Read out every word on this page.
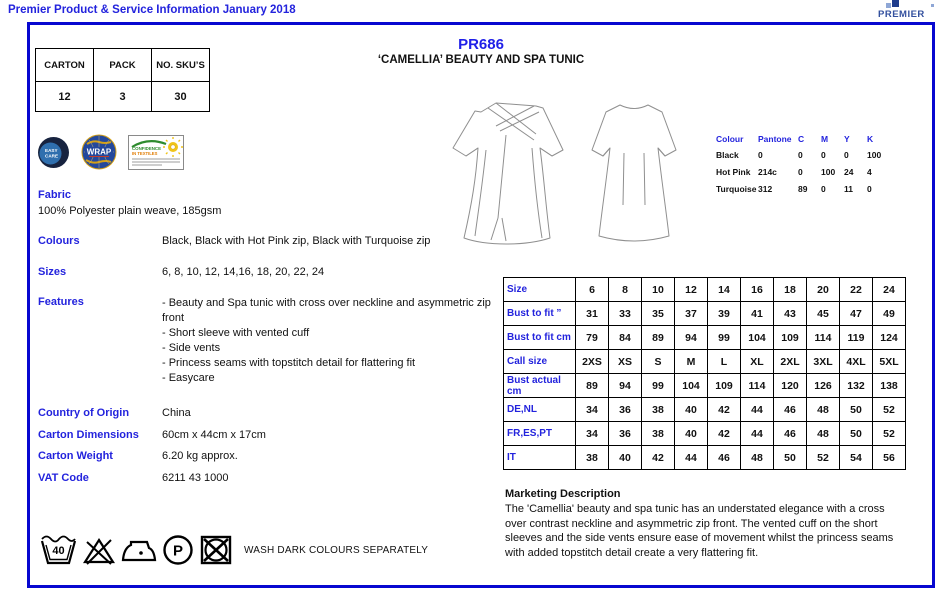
Premier Product & Service Information January 2018	PREMIER
PR686
‘CAMELLIA’ BEAUTY AND SPA TUNIC
CARTON	PACK	NO. SKU’S
12	3	30
EASY
CARE	WRAP	CONFIDENCE
IN TEXTILES
Fabric
100% Polyester plain weave, 185gsm
Colours	Black, Black with Hot Pink zip, Black with Turquoise zip
Sizes	6, 8, 10, 12, 14,16, 18, 20, 22, 24
Features	- Beauty and Spa tunic with cross over neckline and asymmetric zip front
- Short sleeve with vented cuff
- Side vents
- Princess seams with topstitch detail for flattering fit
- Easycare
Country of Origin	China
Carton Dimensions 60cm x 44cm x 17cm
Carton Weight	6.20 kg approx.
VAT Code	6211 43 1000
Colour	Pantone	C	M	Y	K
Black	0	0	0	0	100
Hot Pink	214c	0	100	24	4
Turquoise	312	89	0	11	0
Size	6	8	10	12	14	16	18	20	22	24
Bust to fit ”	31	33	35	37	39	41	43	45	47	49
Bust to fit cm	79	84	89	94	99	104	109	114	119	124
Call size	2XS	XS	S	M	L	XL	2XL	3XL	4XL	5XL
Bust actual cm	89	94	99	104	109	114	120	126	132	138
DE,NL	34	36	38	40	42	44	46	48	50	52
FR,ES,PT	34	36	38	40	42	44	46	48	50	52
IT	38	40	42	44	46	48	50	52	54	56
Marketing Description
The 'Camellia' beauty and spa tunic has an understated elegance with a cross over contrast neckline and asymmetric zip front. The vented cuff on the short sleeves and the side vents ensure ease of movement whilst the princess seams with added topstitch detail create a very flattering fit.
40	P	WASH DARK COLOURS SEPARATELY
